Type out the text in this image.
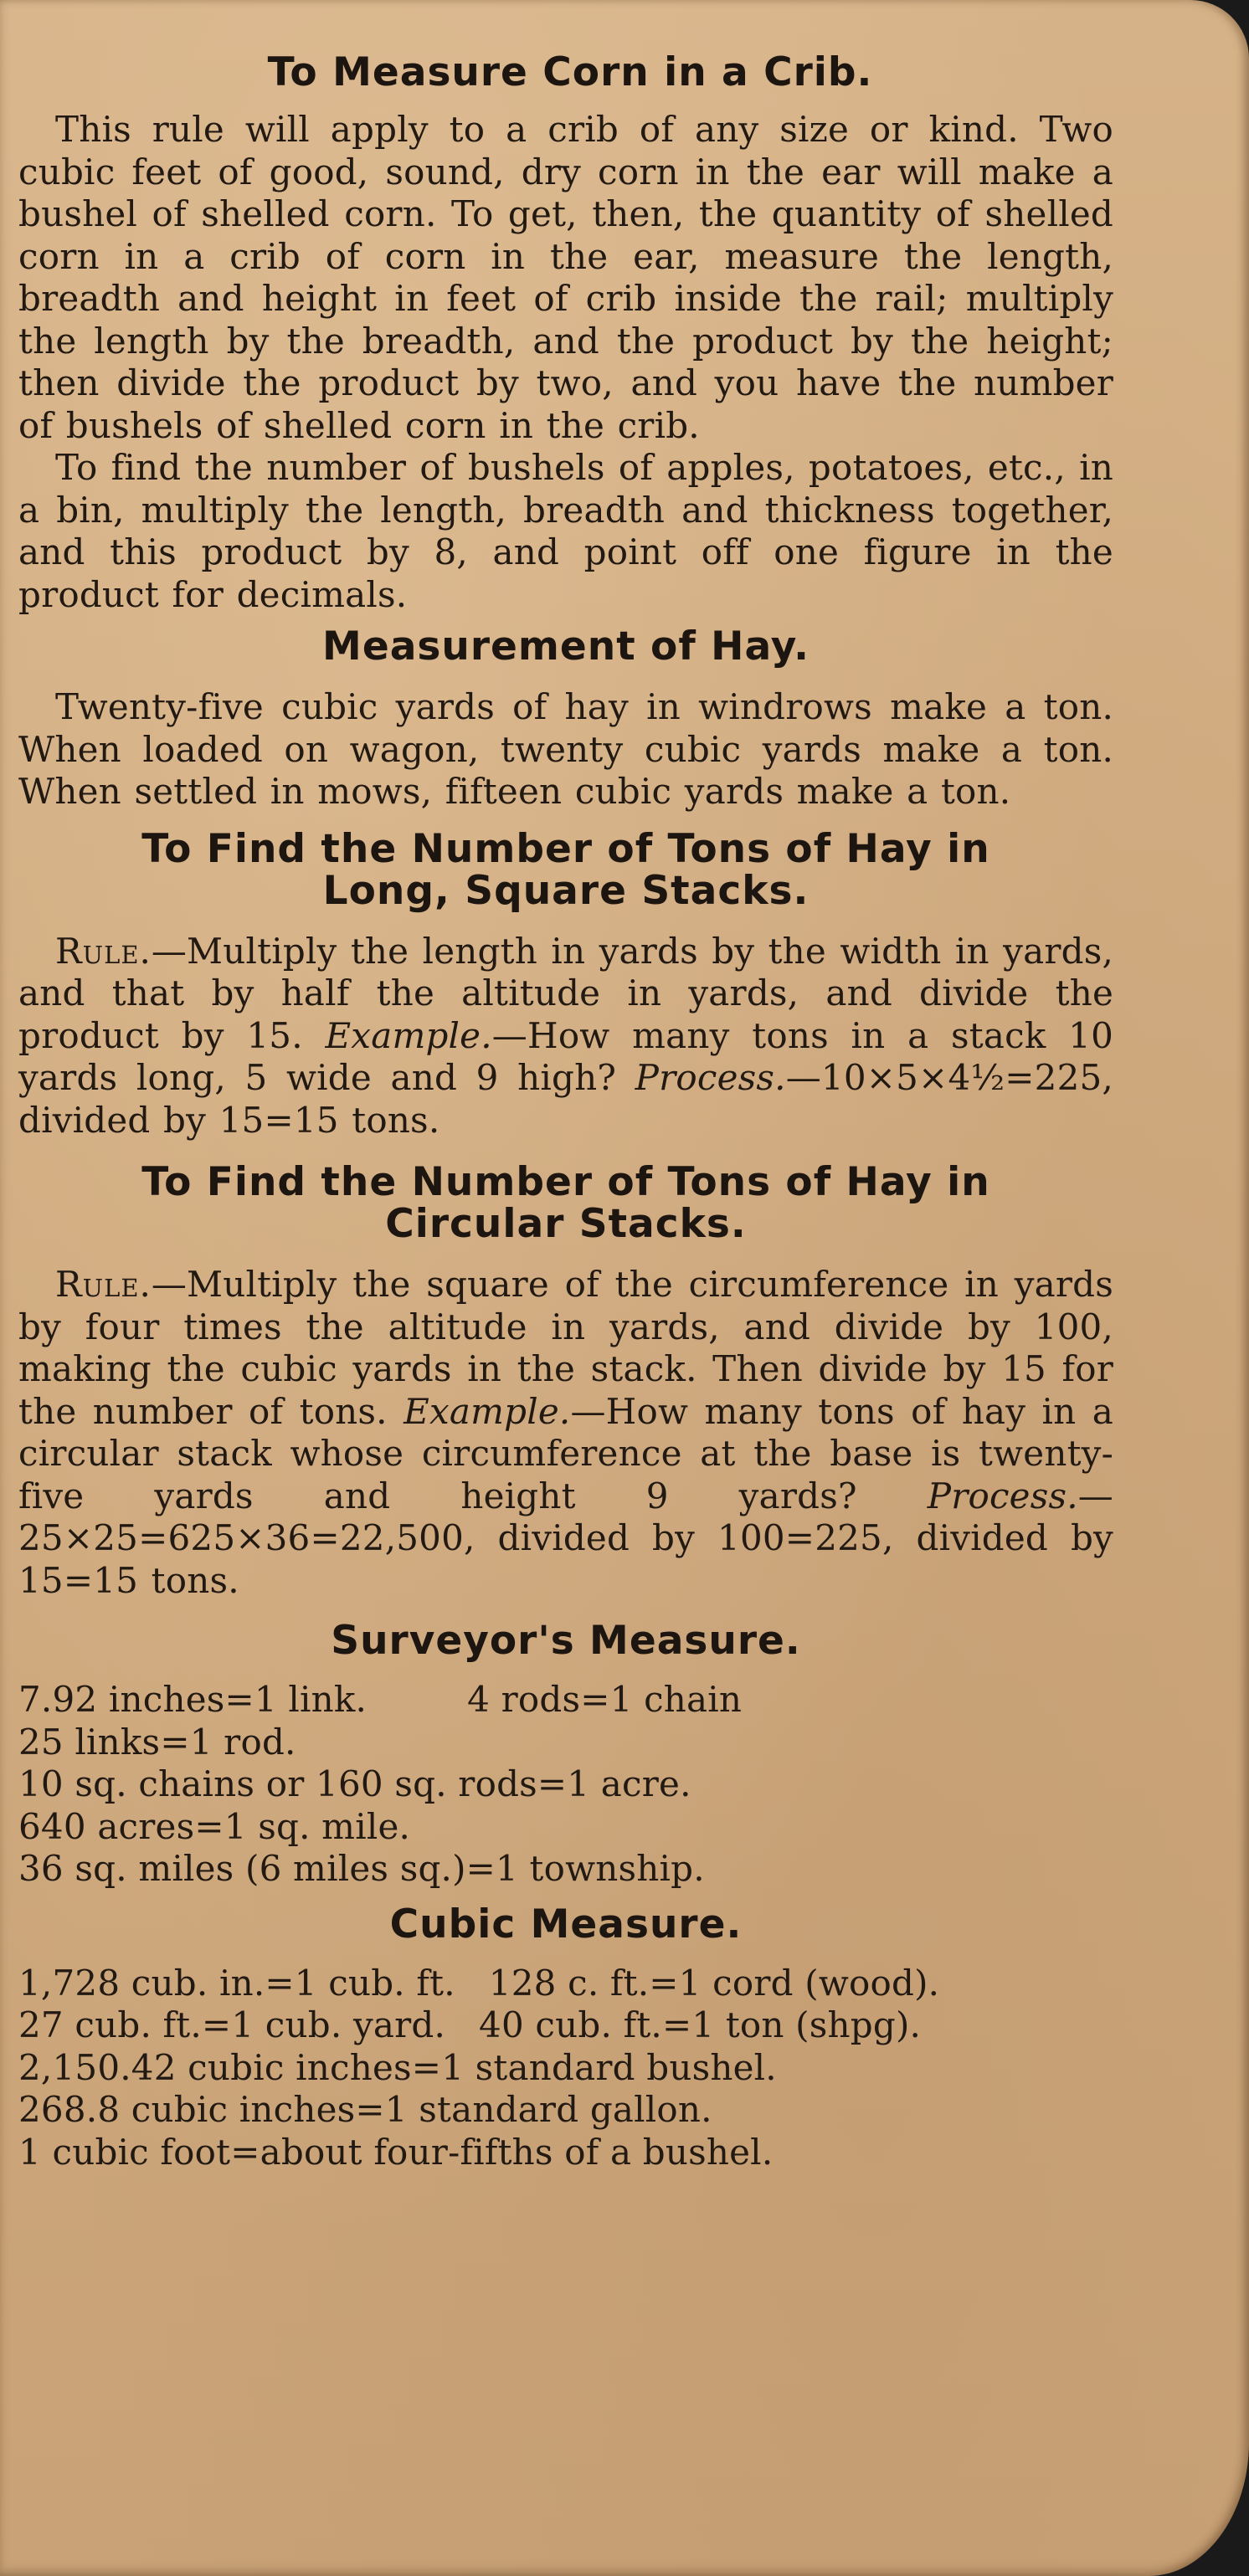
To Measure Corn in a Crib.

This rule will apply to a crib of any size or kind. Two cubic feet of good, sound, dry corn in the ear will make a bushel of shelled corn. To get, then, the quantity of shelled corn in a crib of corn in the ear, measure the length, breadth and height in feet of crib inside the rail; multiply the length by the breadth, and the product by the height; then divide the product by two, and you have the number of bushels of shelled corn in the crib.

To find the number of bushels of apples, potatoes, etc., in a bin, multiply the length, breadth and thickness together, and this product by 8, and point off one figure in the product for decimals.

Measurement of Hay.

Twenty-five cubic yards of hay in windrows make a ton. When loaded on wagon, twenty cubic yards make a ton. When settled in mows, fifteen cubic yards make a ton.

To Find the Number of Tons of Hay in
Long, Square Stacks.

Rule.—Multiply the length in yards by the width in yards, and that by half the altitude in yards, and divide the product by 15. Example.—How many tons in a stack 10 yards long, 5 wide and 9 high? Process.—10×5×4½=225, divided by 15=15 tons.

To Find the Number of Tons of Hay in
Circular Stacks.

Rule.—Multiply the square of the circumference in yards by four times the altitude in yards, and divide by 100, making the cubic yards in the stack. Then divide by 15 for the number of tons. Example.—How many tons of hay in a circular stack whose circumference at the base is twenty-five yards and height 9 yards? Process.—25×25=625×36=22,500, divided by 100=225, divided by 15=15 tons.

Surveyor's Measure.
7.92 inches=1 link.	4 rods=1 chain
25 links=1 rod.
10 sq. chains or 160 sq. rods=1 acre.
640 acres=1 sq. mile.
36 sq. miles (6 miles sq.)=1 township.
Cubic Measure.
1,728 cub. in.=1 cub. ft. 128 c. ft.=1 cord (wood).
27 cub. ft.=1 cub. yard. 40 cub. ft.=1 ton (shpg).
2,150.42 cubic inches=1 standard bushel.
268.8 cubic inches=1 standard gallon.
1 cubic foot=about four-fifths of a bushel.
